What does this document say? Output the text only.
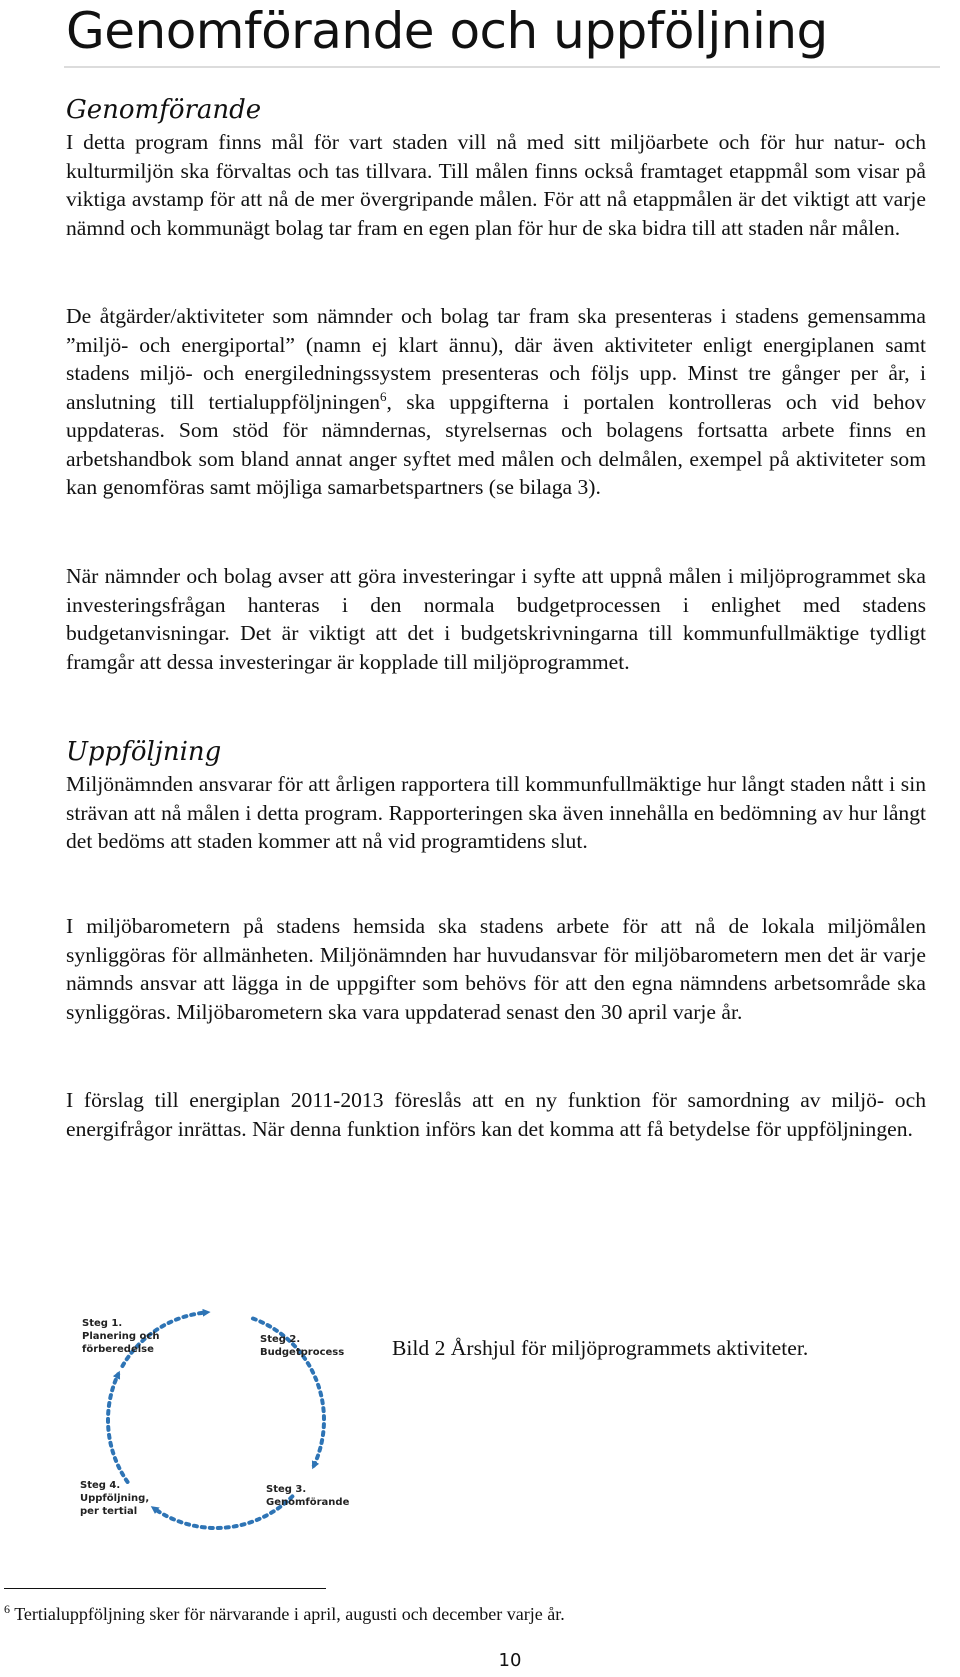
Genomförande och uppföljning
Genomförande

I detta program finns mål för vart staden vill nå med sitt miljöarbete och för hur natur- och kulturmiljön ska förvaltas och tas tillvara. Till målen finns också framtaget etappmål som visar på viktiga avstamp för att nå de mer övergripande målen. För att nå etappmålen är det viktigt att varje nämnd och kommunägt bolag tar fram en egen plan för hur de ska bidra till att staden når målen.

De åtgärder/aktiviteter som nämnder och bolag tar fram ska presenteras i stadens gemensamma ”miljö- och energiportal” (namn ej klart ännu), där även aktiviteter enligt energiplanen samt stadens miljö- och energiledningssystem presenteras och följs upp. Minst tre gånger per år, i anslutning till tertialuppföljningen$^6$, ska uppgifterna i portalen kontrolleras och vid behov uppdateras. Som stöd för nämndernas, styrelsernas och bolagens fortsatta arbete finns en arbetshandbok som bland annat anger syftet med målen och delmålen, exempel på aktiviteter som kan genomföras samt möjliga samarbetspartners (se bilaga 3).

När nämnder och bolag avser att göra investeringar i syfte att uppnå målen i miljöprogrammet ska investeringsfrågan hanteras i den normala budgetprocessen i enlighet med stadens budgetanvisningar. Det är viktigt att det i budgetskrivningarna till kommunfullmäktige tydligt framgår att dessa investeringar är kopplade till miljöprogrammet.

Uppföljning

Miljönämnden ansvarar för att årligen rapportera till kommunfullmäktige hur långt staden nått i sin strävan att nå målen i detta program. Rapporteringen ska även innehålla en bedömning av hur långt det bedöms att staden kommer att nå vid programtidens slut.

I miljöbarometern på stadens hemsida ska stadens arbete för att nå de lokala miljömålen synliggöras för allmänheten. Miljönämnden har huvudansvar för miljöbarometern men det är varje nämnds ansvar att lägga in de uppgifter som behövs för att den egna nämndens arbetsområde ska synliggöras. Miljöbarometern ska vara uppdaterad senast den 30 april varje år.

I förslag till energiplan 2011-2013 föreslås att en ny funktion för samordning av miljö- och energifrågor inrättas. När denna funktion införs kan det komma att få betydelse för uppföljningen.

Steg 1. Planering och förberedelse
Steg 2. Budgetprocess
Steg 3. Genomförande
Steg 4. Uppföljning, per tertial
Bild 2 Årshjul för miljöprogrammets aktiviteter.
$^6$ Tertialuppföljning sker för närvarande i april, augusti och december varje år.
10
